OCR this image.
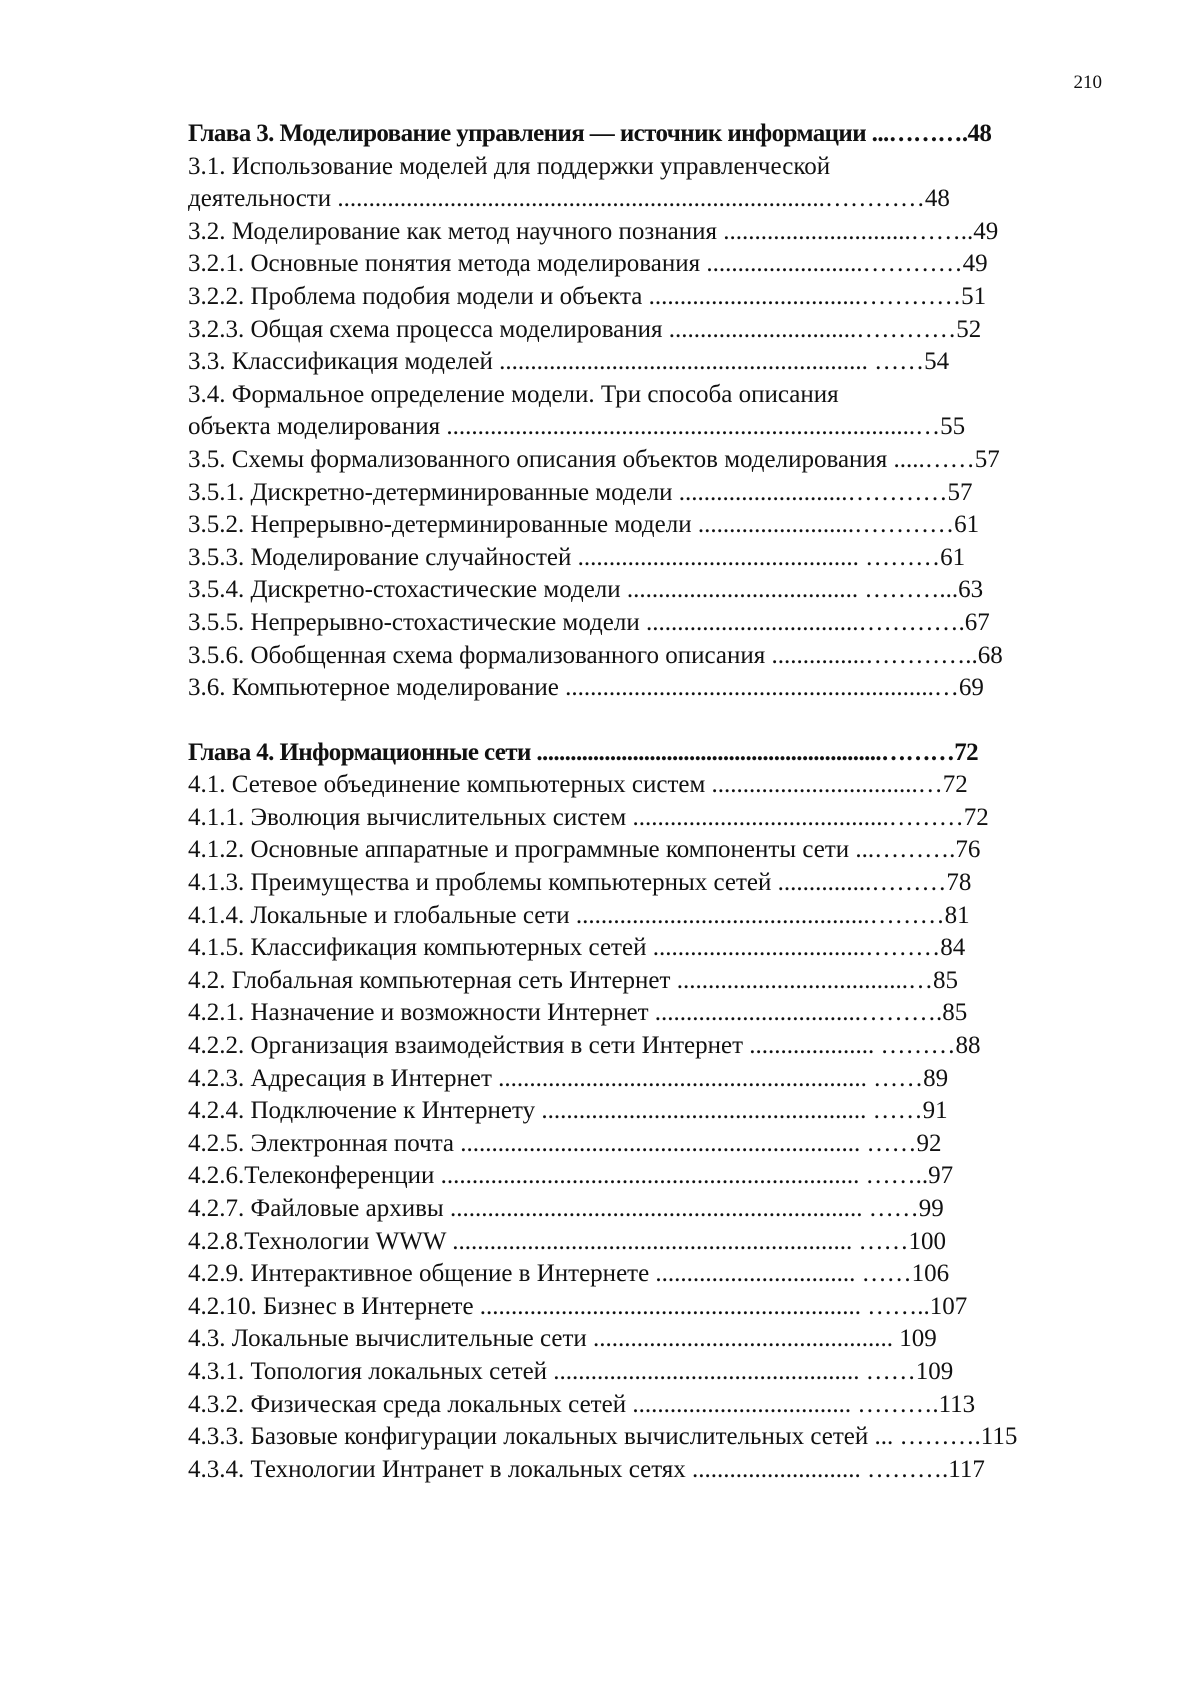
210
Глава 3. Моделирование управления — источник информации ...……….48
3.1. Использование моделей для поддержки управленческой
деятельности ..............................................................................…………48
3.2. Моделирование как метод научного познания ..............................……..49
3.2.1. Основные понятия метода моделирования .........................…………49
3.2.2. Проблема подобия модели и объекта ..................................…………51
3.2.3. Общая схема процесса моделирования ..............................…………52
3.3. Классификация моделей ........................................................... ……54
3.4. Формальное определение модели. Три способа описания
объекта моделирования ...........................................................................…55
3.5. Схемы формализованного описания объектов моделирования .....……57
3.5.1. Дискретно-детерминированные модели ...........................…………57
3.5.2. Непрерывно-детерминированные модели .........................…………61
3.5.3. Моделирование случайностей ............................................. ………61
3.5.4. Дискретно-стохастические модели ..................................... ………...63
3.5.5. Непрерывно-стохастические модели ..................................………….67
3.5.6. Обобщенная схема формализованного описания ...............…………..68
3.6. Компьютерное моделирование ...........................................................…69
Глава 4. Информационные сети .............................................................………72
4.1. Сетевое объединение компьютерных систем .................................…72
4.1.1. Эволюция вычислительных систем .........................................………72
4.1.2. Основные аппаратные и программные компоненты сети ...……….76
4.1.3. Преимущества и проблемы компьютерных сетей ...............………78
4.1.4. Локальные и глобальные сети ...............................................………81
4.1.5. Классификация компьютерных сетей ..................................………84
4.2. Глобальная компьютерная сеть Интернет .....................................…85
4.2.1. Назначение и возможности Интернет .................................……….85
4.2.2. Организация взаимодействия в сети Интернет .................... ………88
4.2.3. Адресация в Интернет ........................................................... ……89
4.2.4. Подключение к Интернету .................................................... ……91
4.2.5. Электронная почта ................................................................ ……92
4.2.6.Телеконференции ................................................................... ……..97
4.2.7. Файловые архивы .................................................................. ……99
4.2.8.Технологии WWW ................................................................ ……100
4.2.9. Интерактивное общение в Интернете ................................ ……106
4.2.10. Бизнес в Интернете ............................................................. ……..107
4.3. Локальные вычислительные сети ................................................ 109
4.3.1. Топология локальных сетей ................................................. ……109
4.3.2. Физическая среда локальных сетей ................................... ……….113
4.3.3. Базовые конфигурации локальных вычислительных сетей ... ……….115
4.3.4. Технологии Интранет в локальных сетях ........................... ……….117
